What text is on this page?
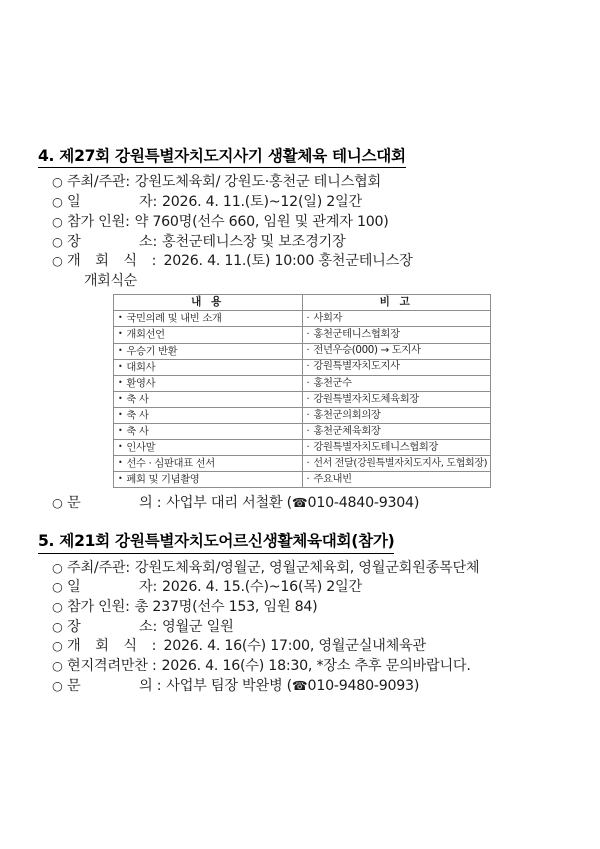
4. 제27회 강원특별자치도지사기 생활체육 테니스대회
○ 주최/주관: 강원도체육회/ 강원도·홍천군 테니스협회
○ 일	자: 2026. 4. 11.(토)~12(일) 2일간
○ 참가 인원: 약 760명(선수 660, 임원 및 관계자 100)
○ 장	소: 홍천군테니스장 및 보조경기장
○ 개 회 식 : 2026. 4. 11.(토) 10:00 홍천군테니스장
개회식순
내 용	비 고
• 국민의례 및 내빈 소개	· 사회자
• 개회선언	· 홍천군테니스협회장
• 우승기 반환	· 전년우승(000) → 도지사
• 대회사	· 강원특별자치도지사
• 환영사	· 홍천군수
• 축 사	· 강원특별자치도체육회장
• 축 사	· 홍천군의회의장
• 축 사	· 홍천군체육회장
• 인사말	· 강원특별자치도테니스협회장
• 선수 · 심판대표 선서	· 선서 전달(강원특별자치도지사, 도협회장)
• 폐회 및 기념촬영	· 주요내빈
○ 문	의 : 사업부 대리 서철환 ( ☎ 010-4840-9304 )
5. 제21회 강원특별자치도어르신생활체육대회(참가)
○ 주최/주관: 강원도체육회/영월군, 영월군체육회, 영월군회원종목단체
○ 일	자: 2026. 4. 15.(수)~16(목) 2일간
○ 참가 인원: 총 237명(선수 153, 임원 84)
○ 장	소: 영월군 일원
○ 개 회 식 : 2026. 4. 16(수) 17:00, 영월군실내체육관
○ 현지격려만찬 : 2026. 4. 16(수) 18:30, *장소 추후 문의바랍니다.
○ 문	의 : 사업부 팀장 박완병 ( ☎ 010-9480-9093 )
